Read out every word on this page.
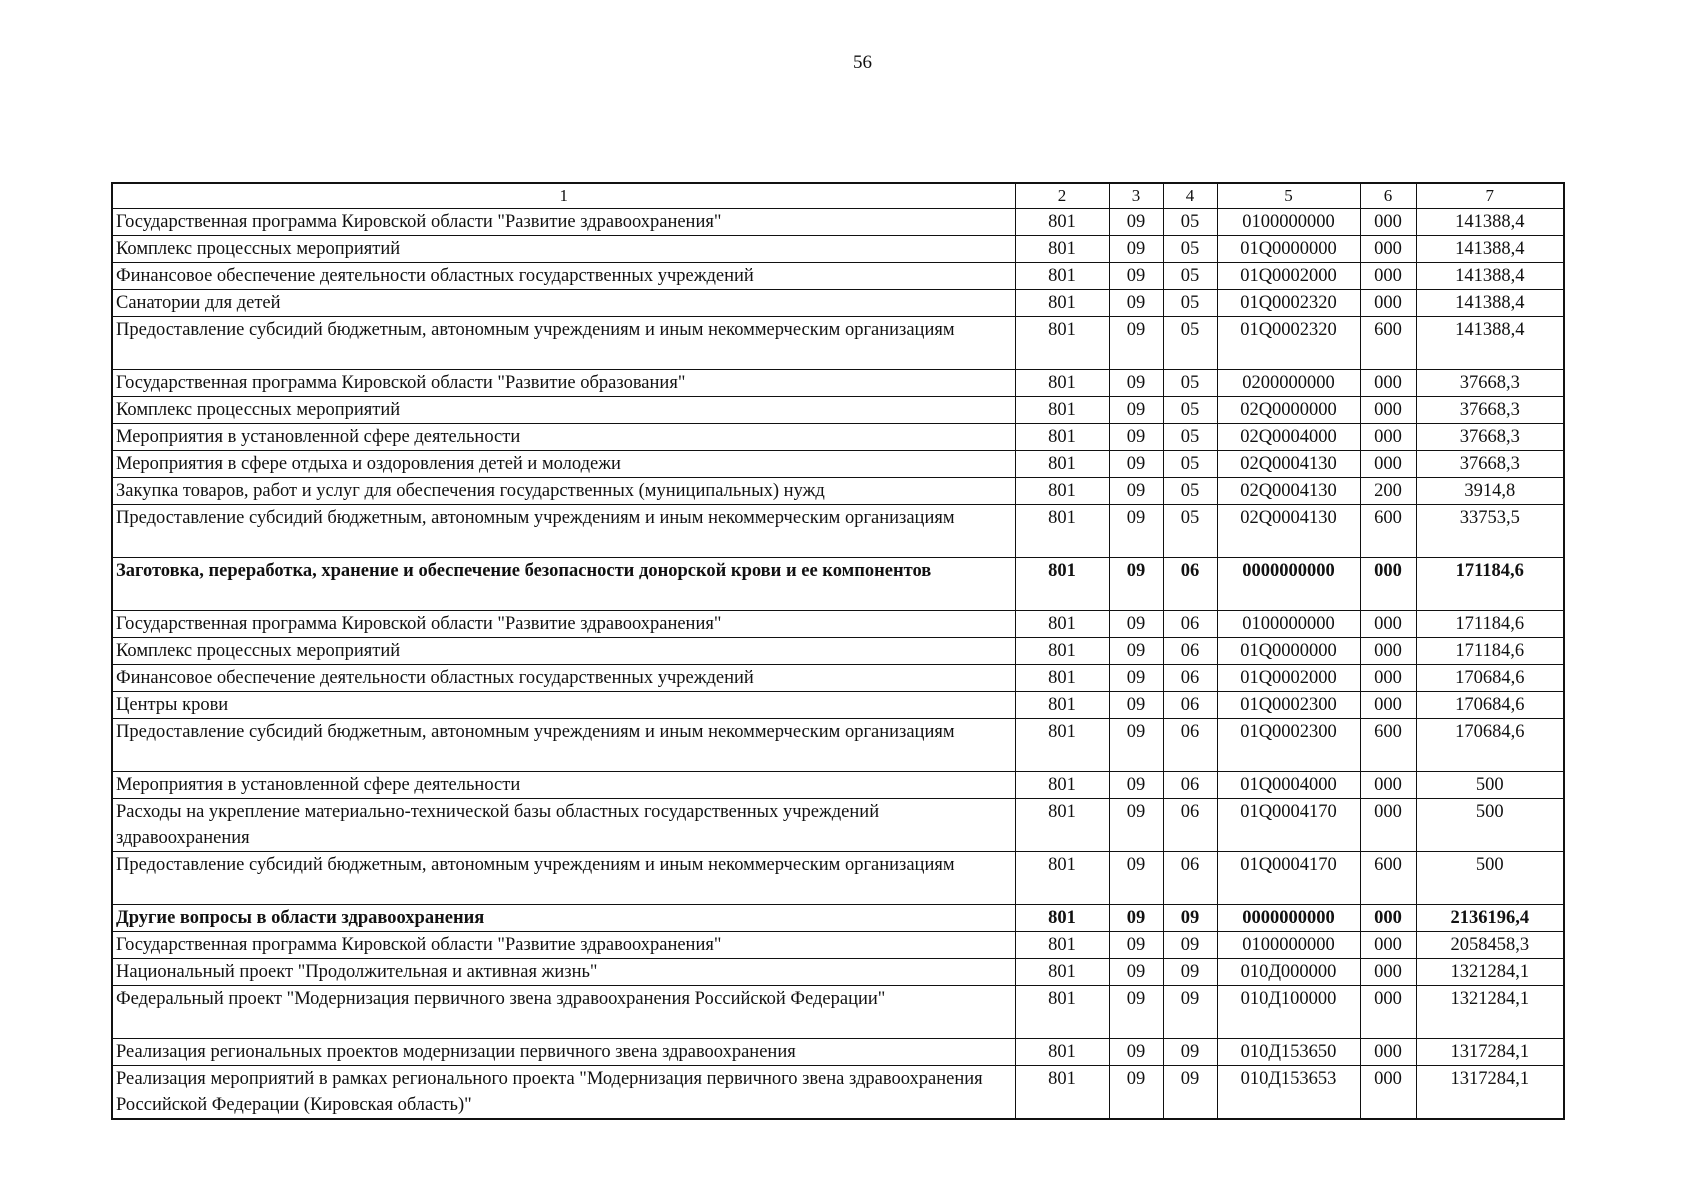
56
1	2	3	4	5	6	7
Государственная программа Кировской области "Развитие здравоохранения"	801	09	05	0100000000	000	141388,4
Комплекс процессных мероприятий	801	09	05	01Q0000000	000	141388,4
Финансовое обеспечение деятельности областных государственных учреждений	801	09	05	01Q0002000	000	141388,4
Санатории для детей	801	09	05	01Q0002320	000	141388,4
Предоставление субсидий бюджетным, автономным учреждениям и иным некоммерческим организациям	801	09	05	01Q0002320	600	141388,4
Государственная программа Кировской области "Развитие образования"	801	09	05	0200000000	000	37668,3
Комплекс процессных мероприятий	801	09	05	02Q0000000	000	37668,3
Мероприятия в установленной сфере деятельности	801	09	05	02Q0004000	000	37668,3
Мероприятия в сфере отдыха и оздоровления детей и молодежи	801	09	05	02Q0004130	000	37668,3
Закупка товаров, работ и услуг для обеспечения государственных (муниципальных) нужд	801	09	05	02Q0004130	200	3914,8
Предоставление субсидий бюджетным, автономным учреждениям и иным некоммерческим организациям	801	09	05	02Q0004130	600	33753,5
Заготовка, переработка, хранение и обеспечение безопасности донорской крови и ее компонентов	801	09	06	0000000000	000	171184,6
Государственная программа Кировской области "Развитие здравоохранения"	801	09	06	0100000000	000	171184,6
Комплекс процессных мероприятий	801	09	06	01Q0000000	000	171184,6
Финансовое обеспечение деятельности областных государственных учреждений	801	09	06	01Q0002000	000	170684,6
Центры крови	801	09	06	01Q0002300	000	170684,6
Предоставление субсидий бюджетным, автономным учреждениям и иным некоммерческим организациям	801	09	06	01Q0002300	600	170684,6
Мероприятия в установленной сфере деятельности	801	09	06	01Q0004000	000	500
Расходы на укрепление материально-технической базы областных государственных учреждений здравоохранения	801	09	06	01Q0004170	000	500
Предоставление субсидий бюджетным, автономным учреждениям и иным некоммерческим организациям	801	09	06	01Q0004170	600	500
Другие вопросы в области здравоохранения	801	09	09	0000000000	000	2136196,4
Государственная программа Кировской области "Развитие здравоохранения"	801	09	09	0100000000	000	2058458,3
Национальный проект "Продолжительная и активная жизнь"	801	09	09	010Д000000	000	1321284,1
Федеральный проект "Модернизация первичного звена здравоохранения Российской Федерации"	801	09	09	010Д100000	000	1321284,1
Реализация региональных проектов модернизации первичного звена здравоохранения	801	09	09	010Д153650	000	1317284,1
Реализация мероприятий в рамках регионального проекта "Модернизация первичного звена здравоохранения Российской Федерации (Кировская область)"	801	09	09	010Д153653	000	1317284,1
